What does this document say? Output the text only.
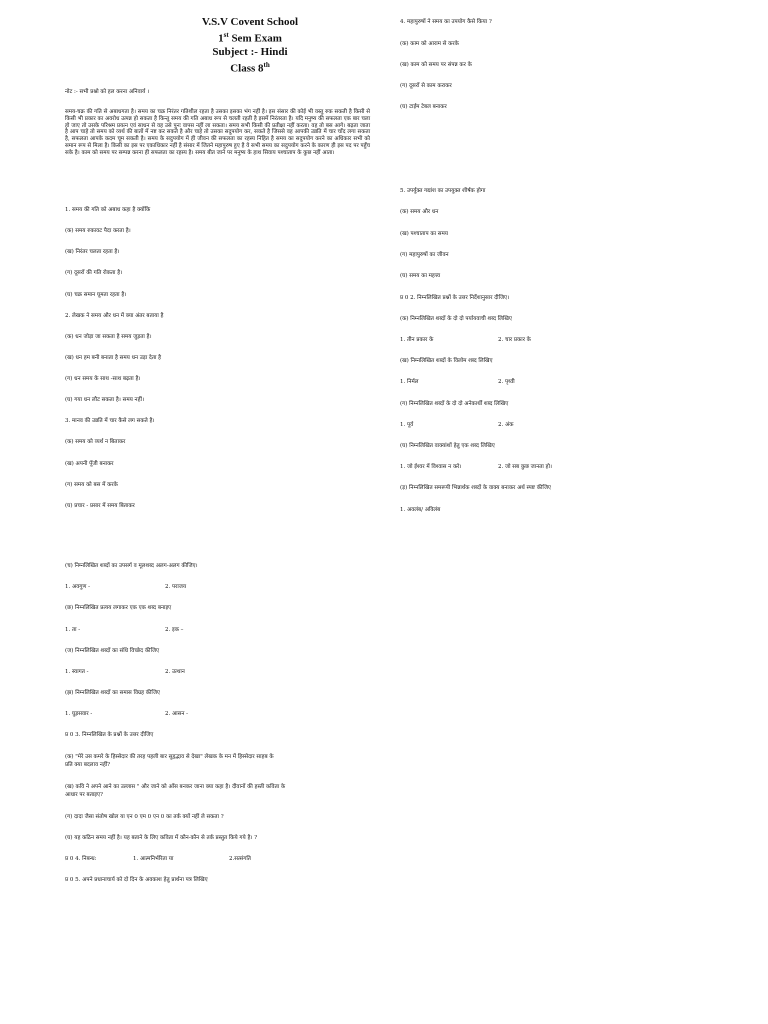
V.S.V Covent School
1st Sem Exam
Subject :- Hindi
Class 8th
नोट :- सभी प्रश्नो को हल करना अनिवार्य ।
समय-चक्र की गति से अबाधगता है। समय का चक्र निरंतर गतिशील रहता है उसका इसका भंग नहीं है। इस संसार की कोई भी वस्तु रुक सकती है किसी से किसी भी प्रकार का अवरोध उत्पन्न हो सकता है किन्तु समय की गति अबाध रूप से चलती रहती है इसमें निरंतरता है। यदि मनुष्य की सफलता एक बार चला हो जाए तो उसके परिश्रम प्रयत्न एवं साधन से वह उसे पुनः वापस नहीं ला सकता। समय सभी किसी की प्रतीक्षा नहीं करता। वह तो बस आगे। बढ़ता जाता है आप चाहे तो समय को व्यर्थ की बातों में नष्ट कर सकते है और चाहे तो उसका सदुपयोग कर, सकते है जिससे वह आपकी उन्नति में चार चाँद लगा सकता है, सफलता आपके कदम चूम सकती है। समय के सदुपयोग में ही जीवन की सफलता का रहस्य निहित है समय का सदुपयोग करने का अधिकार सभी को समान रूप से मिला है। किसी का इस पर एकाधिकार नहीं है संसार में जितने महापुरुष हुए है वे सभी समय का सदुपयोग करने के कारण ही इस पद पर पहुँच सके है। काम को समय पर सम्पन्न करना ही सफलता का रहस्य है। समय बीत जाने पर मनुष्य के हाथ सिवाय पश्चाताप के कुछ नहीं आता।
1. समय की गति को अबाध कहा है क्योंकि
(क) समय रुकावट पैदा करता है।
(ख) निरंतर चलता रहता है।
(ग) दूसरों की गति रोकता है।
(घ) चक्र समान घूमता रहता है।
2. लेखक ने समय और धन में क्या अंतर बताया है
(क) धन जोड़ा जा सकता है समय जुड़ता है।
(ख) धन हम बनी बनाता है समय धन उड़ा देता है
(ग) धन समय के साथ -साथ बढ़ता है।
(घ) गया धन लौट सकता है। समय नहीं।
3. मानव की उन्नति में चार कैसे लग सकते है।
(क) समय को व्यर्थ न बिताकर
(ख) अपनी पूँजी बनाकर
(ग) समय को बस में करके
(घ) प्रचार - प्रसार में समय बिताकर
4. महापुरुषों ने समय का उपयोग कैसे किया ?
(क) काम को आराम से करके
(ख) काम को समय पर संपन्न कर के
(ग) दूसरों से काम कराकर
(घ) टाईम टेबल बनाकर
5. उपर्युक्त गद्यांश का उपयुक्त शीर्षक होगा
(क) समय और धन
(ख) पश्चाताप का समय
(ग) महापुरुषों का जीवन
(घ) समय का महत्त्व
प्र 0 2. निम्नलिखित प्रश्नों के उत्तर निर्देशानुसार दीजिए।
(क) निम्नलिखित शब्दों के दो दो पर्यायवाची शब्द लिखिए
1. तीन प्रकार के	2. चार प्रकार के
(ख) निम्नलिखित शब्दों के विलोम शब्द लिखिए
1. निर्मल	2. पृथ्वी
(ग) निम्नलिखित शब्दों के दो दो अनेकार्थी शब्द लिखिए
1. पूर्व	2. अंक
(घ) निम्नलिखित वाक्यांशों हेतु एक शब्द लिखिए
1. जो ईश्वर में विश्वास न करे।	2. जो सब कुछ जानता हो।
(ड़) निम्नलिखित समरूपी भिन्नार्थक शब्दों के वाक्य बनाकर अर्थ स्पष्ट कीजिए
1. अवलंब/ अविलंब
(च) निम्नलिखित शब्दों का उपसर्ग व मूलशब्द अलग-अलग कीजिए।
1. अवगुण -	2. पराजय
(छ) निम्नलिखित प्रत्यय लगाकर एक एक शब्द बनाइए
1. ता -	2. इक –
(ज) निम्नलिखित शब्दों का संधि विच्छेद कीजिए
1. स्वागत -	2. उत्थान
(झ) निम्नलिखित शब्दों का समास विग्रह कीजिए
1. घुड़सवार -	2. आसन -
प्र 0 3. निम्नलिखित के प्रश्नों के उत्तर दीजिए
(क) "मेरे उस कमरे के हिस्सेदार की तरह पहली बार सुहृद्भाव से देखा" लेखक के मन में हिस्सेदार साहब के
प्रति क्या बदलाव नहीं?
(ख) कवि ने अपने आने का उल्लास " और जाने को आँस बनकर जाना क्या कहा है। दीवानों की हस्ती कविता के
आधार पर बताइए?
(ग) दादा जैसा संतोष खोल या एन 0 एम 0 एन 0 का तर्क क्यों नहीं ले सकता ?
(घ) यह कठिन समय नहीं है। यह बताने के लिए कविता में कौन-कौन से तर्क प्रस्तुत किये गये है। ?
प्र 0 4. निबन्ध:	1. आत्मनिर्भरिता या	2.सत्संगति
प्र 0 5. अपने प्रधानाचार्य को दो दिन के अवकाश हेतु प्रार्थना पत्र लिखिए
